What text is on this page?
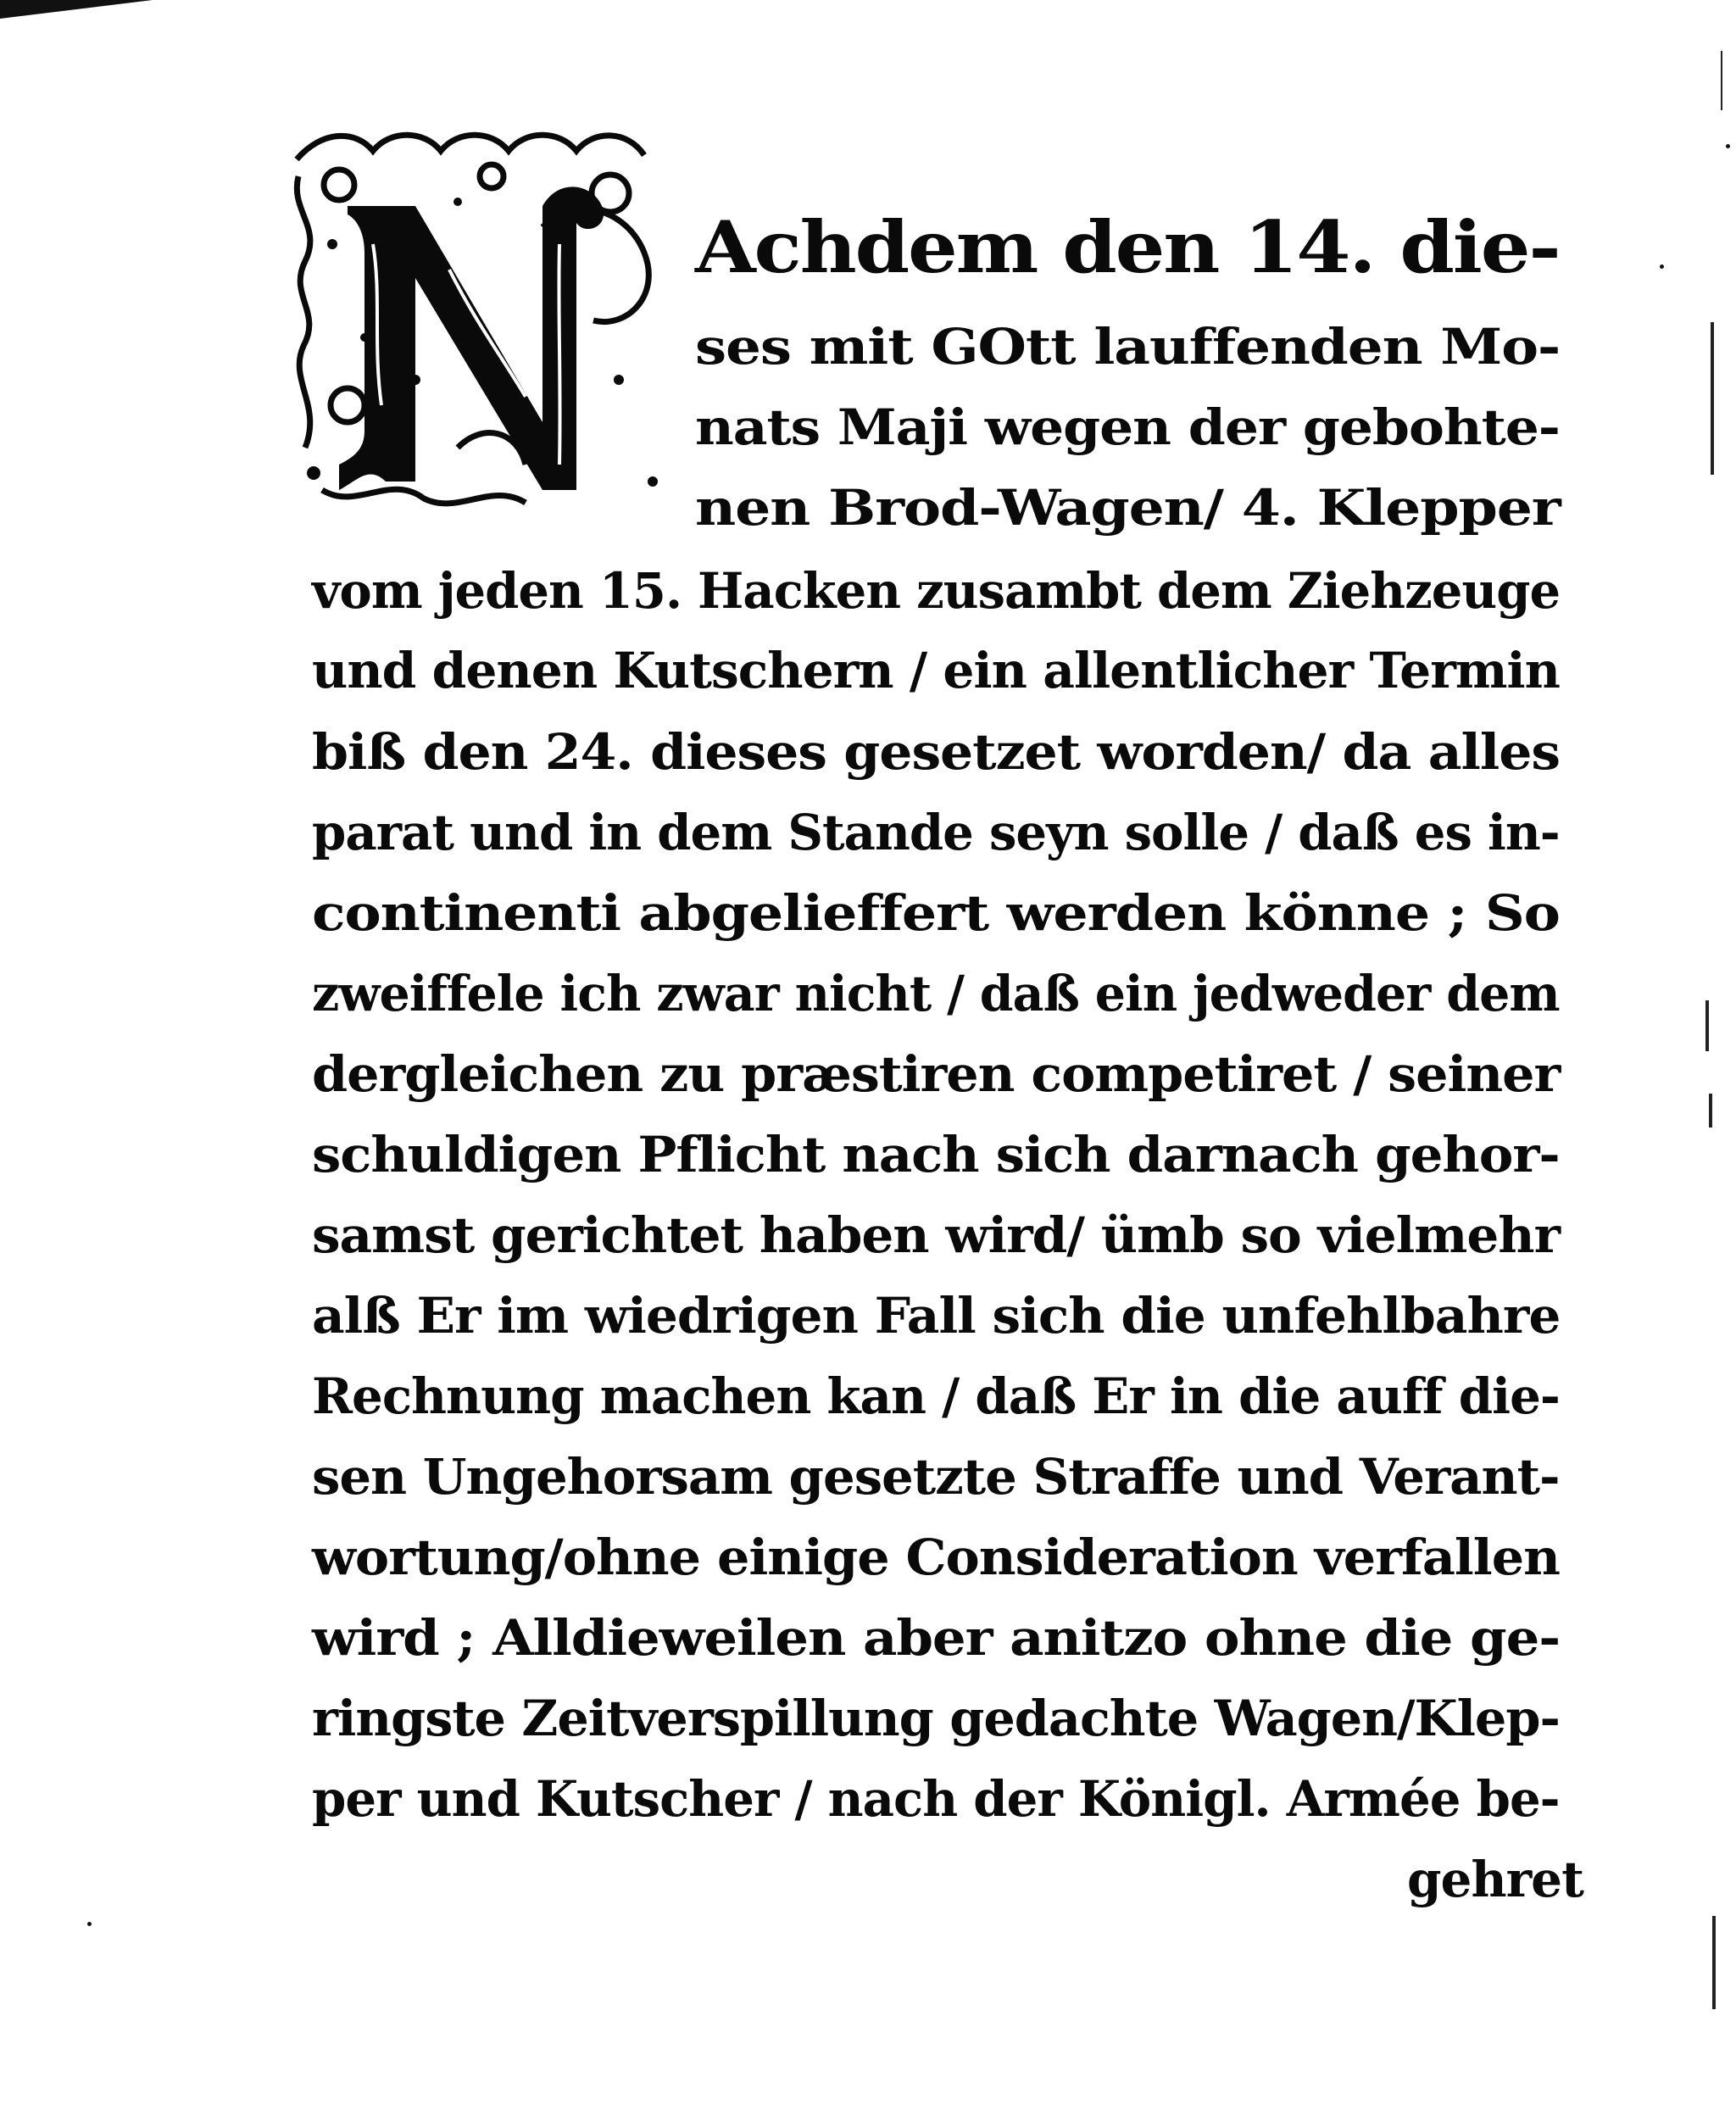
Achdem den 14. die-
ses mit GOtt lauffenden Mo-
nats Maji wegen der gebohte-
nen Brod-Wagen/ 4. Klepper
vom jeden 15. Hacken zusambt dem Ziehzeuge
und denen Kutschern / ein allentlicher Termin
biß den 24. dieses gesetzet worden/ da alles
parat und in dem Stande seyn solle / daß es in-
continenti abgelieffert werden könne ; So
zweiffele ich zwar nicht / daß ein jedweder dem
dergleichen zu præstiren competiret / seiner
schuldigen Pflicht nach sich darnach gehor-
samst gerichtet haben wird/ ümb so vielmehr
alß Er im wiedrigen Fall sich die unfehlbahre
Rechnung machen kan / daß Er in die auff die-
sen Ungehorsam gesetzte Straffe und Verant-
wortung/ohne einige Consideration verfallen
wird ; Alldieweilen aber anitzo ohne die ge-
ringste Zeitverspillung gedachte Wagen/Klep-
per und Kutscher / nach der Königl. Armée be-
gehret
